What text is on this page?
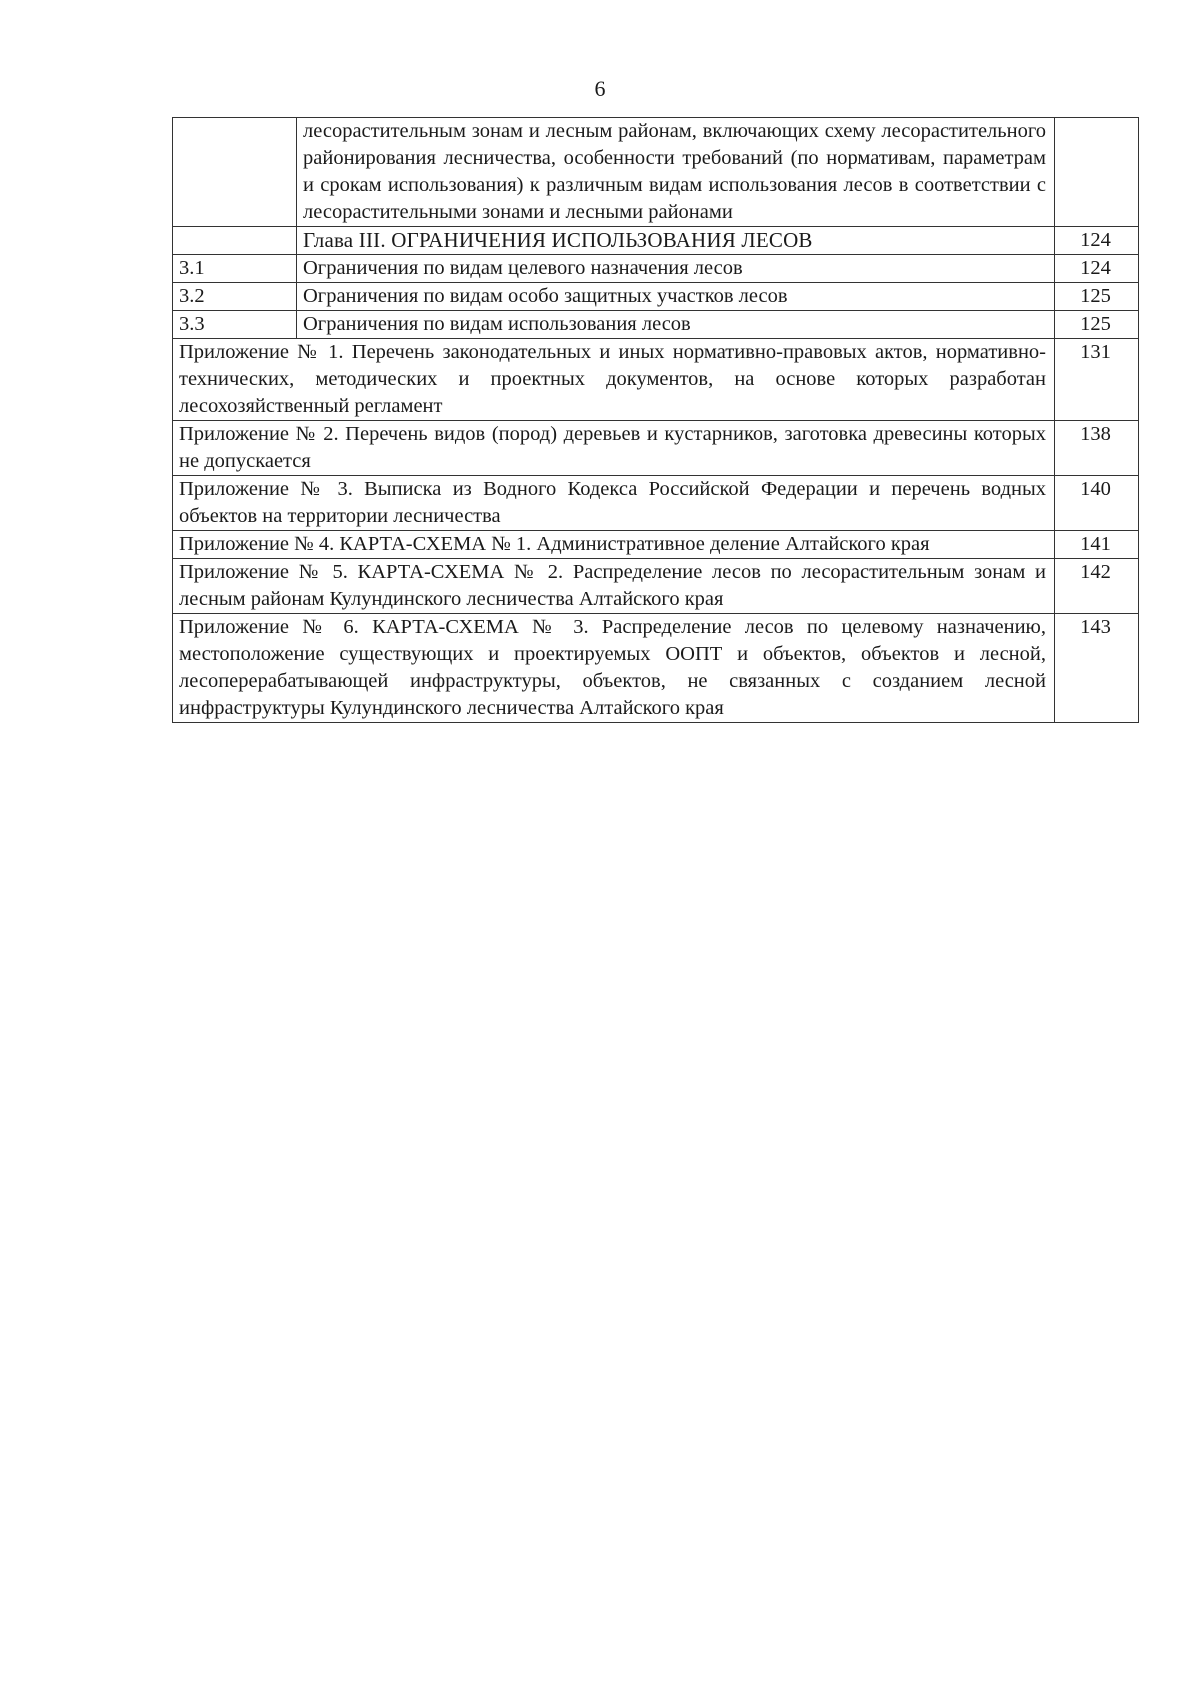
6
	лесорастительным зонам и лесным районам, включающих схему лесорастительного районирования лесничества, особенности требований (по нормативам, параметрам и срокам использования) к различным видам использования лесов в соответствии с лесорастительными зонами и лесными районами	
	Глава III. ОГРАНИЧЕНИЯ ИСПОЛЬЗОВАНИЯ ЛЕСОВ	124
3.1	Ограничения по видам целевого назначения лесов	124
3.2	Ограничения по видам особо защитных участков лесов	125
3.3	Ограничения по видам использования лесов	125
Приложение № 1. Перечень законодательных и иных нормативно-правовых актов, нормативно-технических, методических и проектных документов, на основе которых разработан лесохозяйственный регламент		131
Приложение № 2. Перечень видов (пород) деревьев и кустарников, заготовка древесины которых не допускается		138
Приложение № 3. Выписка из Водного Кодекса Российской Федерации и перечень водных объектов на территории лесничества		140
Приложение № 4. КАРТА-СХЕМА № 1. Административное деление Алтайского края		141
Приложение № 5. КАРТА-СХЕМА № 2. Распределение лесов по лесорастительным зонам и лесным районам Кулундинского лесничества Алтайского края		142
Приложение № 6. КАРТА-СХЕМА № 3. Распределение лесов по целевому назначению, местоположение существующих и проектируемых ООПТ и объектов, объектов и лесной, лесоперерабатывающей инфраструктуры, объектов, не связанных с созданием лесной инфраструктуры Кулундинского лесничества Алтайского края		143
